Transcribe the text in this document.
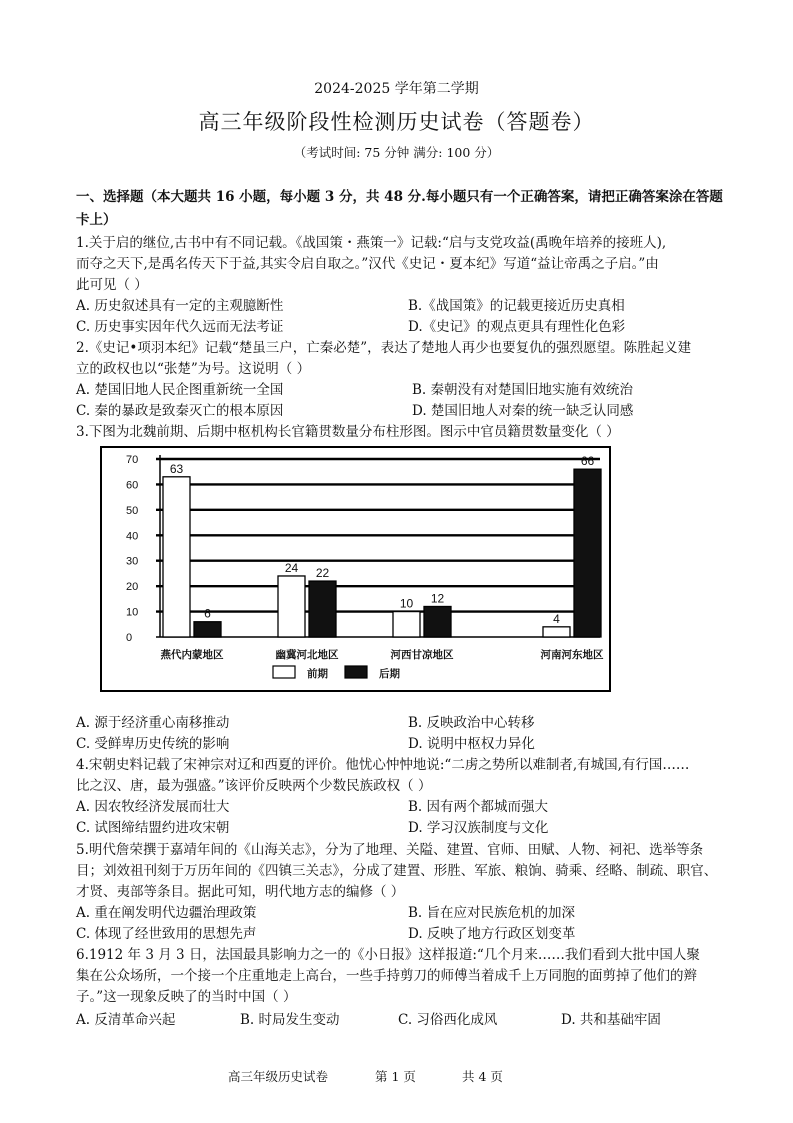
2024-2025 学年第二学期
高三年级阶段性检测历史试卷（答题卷）
（考试时间: 75 分钟 满分: 100 分）
一、选择题（本大题共 16 小题，每小题 3 分，共 48 分.每小题只有一个正确答案，请把正确答案涂在答题
卡上）
1.关于启的继位,古书中有不同记载。《战国策・燕策一》记载:“启与支党攻益(禹晚年培养的接班人),
而夺之天下,是禹名传天下于益,其实令启自取之。”汉代《史记・夏本纪》写道“益让帝禹之子启。”由
此可见（ ）
A. 历史叙述具有一定的主观臆断性	B.《战国策》的记载更接近历史真相
C. 历史事实因年代久远而无法考证	D.《史记》的观点更具有理性化色彩
2.《史记•项羽本纪》记载“楚虽三户，亡秦必楚”，表达了楚地人再少也要复仇的强烈愿望。陈胜起义建
立的政权也以“张楚”为号。这说明（ ）
A. 楚国旧地人民企图重新统一全国	B. 秦朝没有对楚国旧地实施有效统治
C. 秦的暴政是致秦灭亡的根本原因	D. 楚国旧地人对秦的统一缺乏认同感
3.下图为北魏前期、后期中枢机构长官籍贯数量分布柱形图。图示中官员籍贯数量变化（ ）
70
60
50
40
30
20
10
0
63
6
燕代内蒙地区
24 22
幽冀河北地区
10 12
河西甘凉地区
4
66
河南河东地区
前期	后期
A. 源于经济重心南移推动	B. 反映政治中心转移
C. 受鲜卑历史传统的影响	D. 说明中枢权力异化
4.宋朝史料记载了宋神宗对辽和西夏的评价。他忧心忡忡地说:“二虏之势所以难制者,有城国,有行国……
比之汉、唐，最为强盛。”该评价反映两个少数民族政权（ ）
A. 因农牧经济发展而壮大	B. 因有两个都城而强大
C. 试图缔结盟约进攻宋朝	D. 学习汉族制度与文化
5.明代詹荣撰于嘉靖年间的《山海关志》，分为了地理、关隘、建置、官师、田赋、人物、祠祀、选举等条
目；刘效祖刊刻于万历年间的《四镇三关志》，分成了建置、形胜、军旅、粮饷、骑乘、经略、制疏、职官、
才贤、夷部等条目。据此可知，明代地方志的编修（ ）
A. 重在阐发明代边疆治理政策	B. 旨在应对民族危机的加深
C. 体现了经世致用的思想先声	D. 反映了地方行政区划变革
6.1912 年 3 月 3 日，法国最具影响力之一的《小日报》这样报道:“几个月来……我们看到大批中国人聚
集在公众场所，一个接一个庄重地走上高台，一些手持剪刀的师傅当着成千上万同胞的面剪掉了他们的辫
子。”这一现象反映了的当时中国（ ）
A. 反清革命兴起	B. 时局发生变动	C. 习俗西化成风	D. 共和基础牢固
高三年级历史试卷	第 1 页	共 4 页
